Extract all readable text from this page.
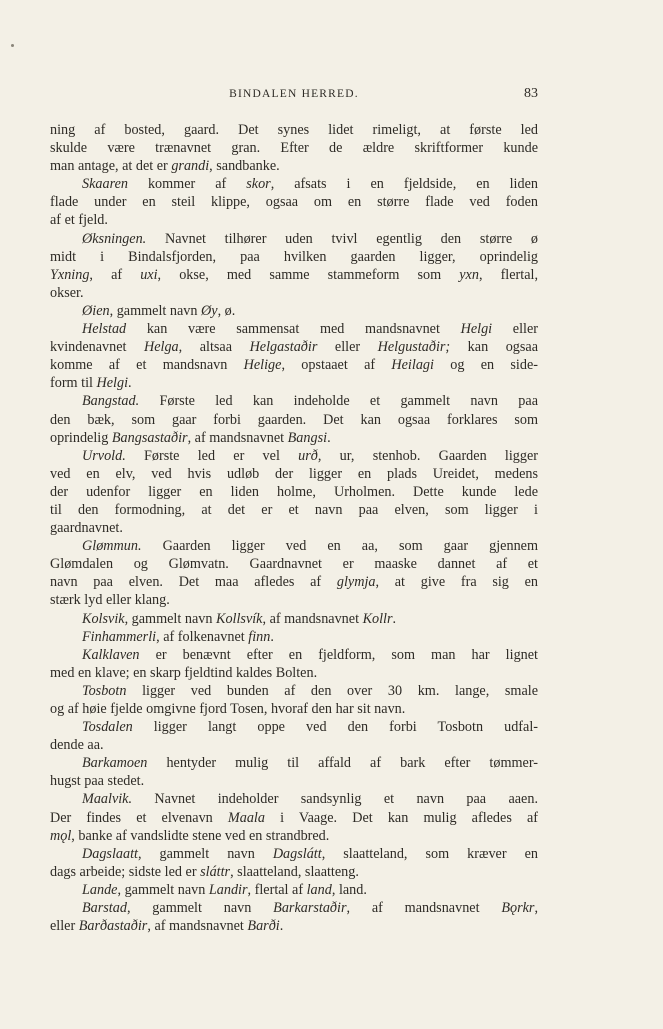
BINDALEN HERRED.	83
ning af bosted, gaard. Det synes lidet rimeligt, at første led
skulde være trænavnet gran. Efter de ældre skriftformer kunde
man antage, at det er grandi, sandbanke.
Skaaren kommer af skor, afsats i en fjeldside, en liden
flade under en steil klippe, ogsaa om en større flade ved foden
af et fjeld.
Øksningen. Navnet tilhører uden tvivl egentlig den større ø
midt i Bindalsfjorden, paa hvilken gaarden ligger, oprindelig
Yxning, af uxi, okse, med samme stammeform som yxn, flertal,
okser.
Øien, gammelt navn Øy, ø.
Helstad kan være sammensat med mandsnavnet Helgi eller
kvindenavnet Helga, altsaa Helgastaðir eller Helgustaðir; kan ogsaa
komme af et mandsnavn Helige, opstaaet af Heilagi og en side-
form til Helgi.
Bangstad. Første led kan indeholde et gammelt navn paa
den bæk, som gaar forbi gaarden. Det kan ogsaa forklares som
oprindelig Bangsastaðir, af mandsnavnet Bangsi.
Urvold. Første led er vel urð, ur, stenhob. Gaarden ligger
ved en elv, ved hvis udløb der ligger en plads Ureidet, medens
der udenfor ligger en liden holme, Urholmen. Dette kunde lede
til den formodning, at det er et navn paa elven, som ligger i
gaardnavnet.
Glømmun. Gaarden ligger ved en aa, som gaar gjennem
Glømdalen og Glømvatn. Gaardnavnet er maaske dannet af et
navn paa elven. Det maa afledes af glymja, at give fra sig en
stærk lyd eller klang.
Kolsvik, gammelt navn Kollsvík, af mandsnavnet Kollr.
Finhammerli, af folkenavnet finn.
Kalklaven er benævnt efter en fjeldform, som man har lignet
med en klave; en skarp fjeldtind kaldes Bolten.
Tosbotn ligger ved bunden af den over 30 km. lange, smale
og af høie fjelde omgivne fjord Tosen, hvoraf den har sit navn.
Tosdalen ligger langt oppe ved den forbi Tosbotn udfal-
dende aa.
Barkamoen hentyder mulig til affald af bark efter tømmer-
hugst paa stedet.
Maalvik. Navnet indeholder sandsynlig et navn paa aaen.
Der findes et elvenavn Maala i Vaage. Det kan mulig afledes af
mǫl, banke af vandslidte stene ved en strandbred.
Dagslaatt, gammelt navn Dagslátt, slaatteland, som kræver en
dags arbeide; sidste led er sláttr, slaatteland, slaatteng.
Lande, gammelt navn Landir, flertal af land, land.
Barstad, gammelt navn Barkarstaðir, af mandsnavnet Bǫrkr,
eller Barðastaðir, af mandsnavnet Barði.
